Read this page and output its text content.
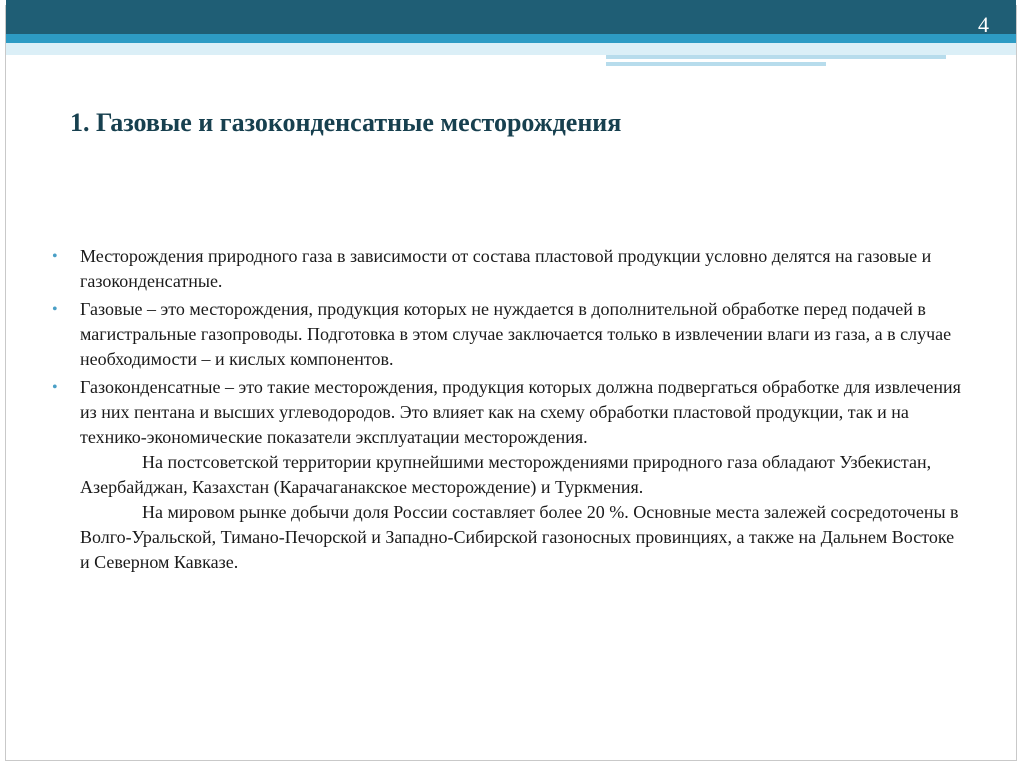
4
1. Газовые и газоконденсатные месторождения
•	Месторождения природного газа в зависимости от состава пластовой продукции условно делятся на газовые и газоконденсатные.

•	Газовые – это месторождения, продукция которых не нуждается в дополнительной обработке перед подачей в магистральные газопроводы. Подготовка в этом случае заключается только в извлечении влаги из газа, а в случае необходимости – и кислых компонентов.

•	Газоконденсатные – это такие месторождения, продукция которых должна подвергаться обработке для извлечения из них пентана и высших углеводородов. Это влияет как на схему обработки пластовой продукции, так и на технико-экономические показатели эксплуатации месторождения.

На постсоветской территории крупнейшими месторождениями природного газа обладают Узбекистан, Азербайджан, Казахстан (Карачаганакское месторождение) и Туркмения.

На мировом рынке добычи доля России составляет более 20 %. Основные места залежей сосредоточены в Волго-Уральской, Тимано-Печорской и Западно-Сибирской газоносных провинциях, а также на Дальнем Востоке и Северном Кавказе.
